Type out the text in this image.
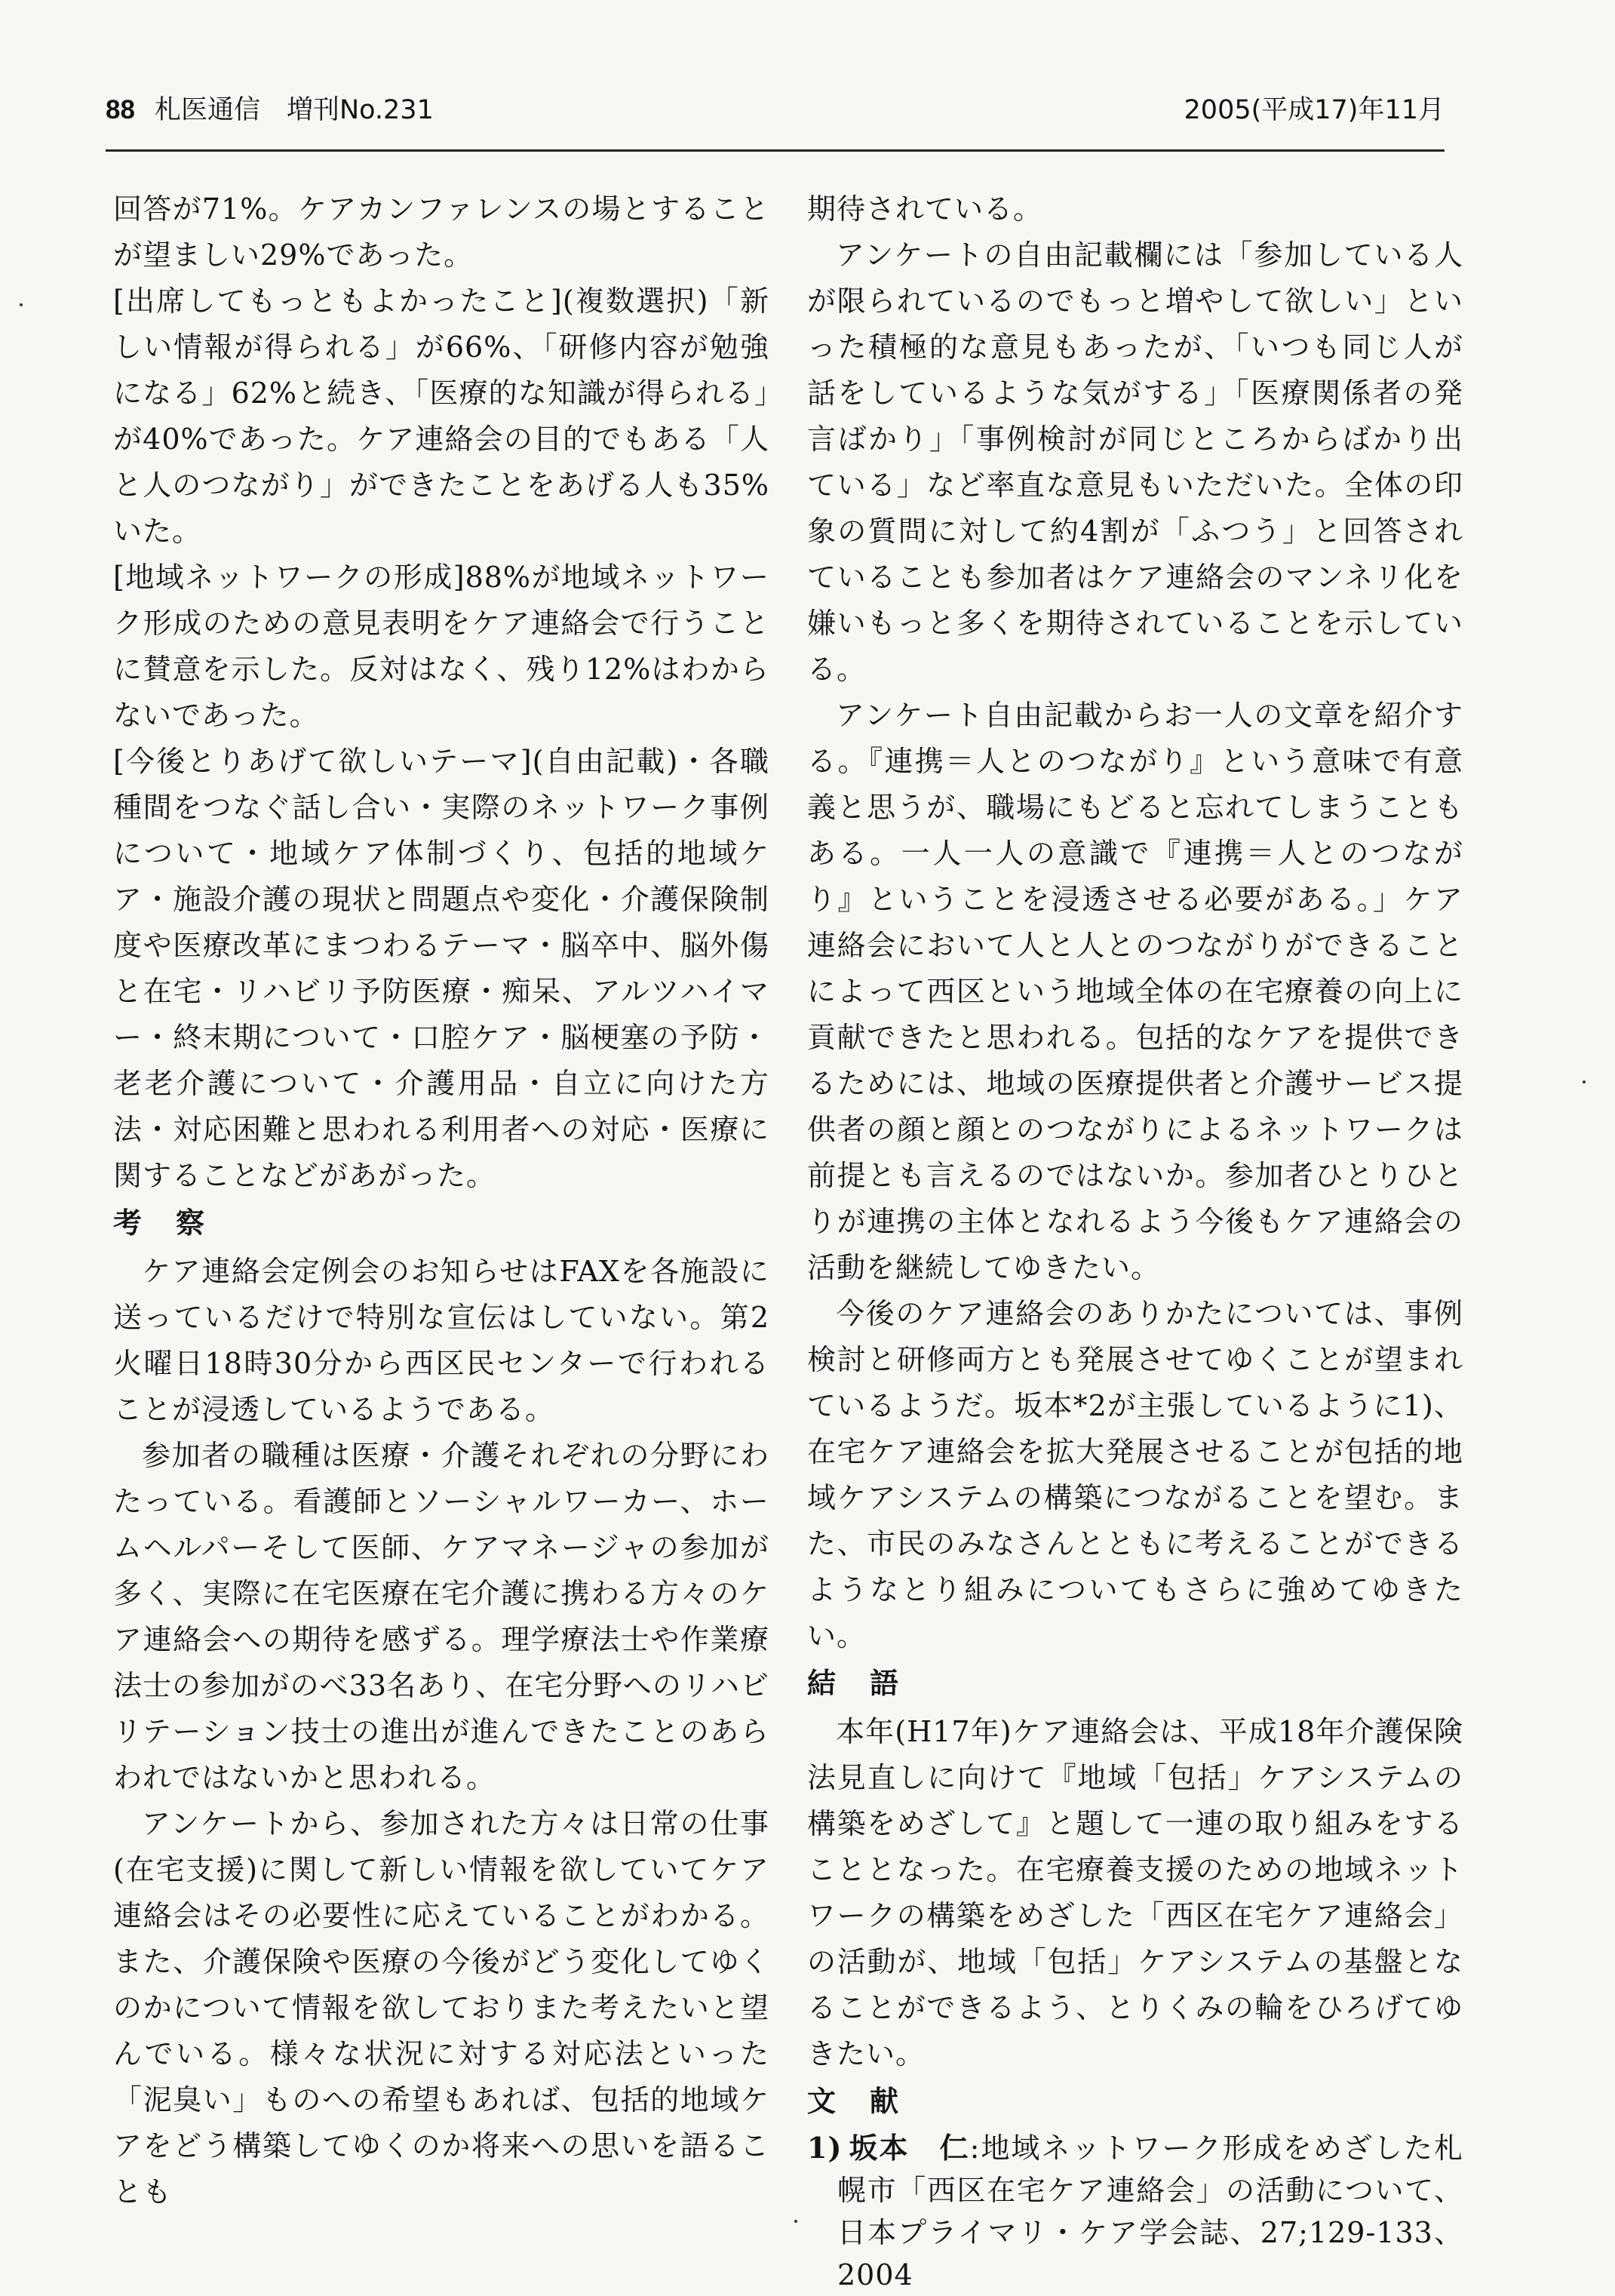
88 札医通信　増刊No.231	2005(平成17)年11月

回答が71%。ケアカンファレンスの場とすることが望ましい29%であった。

[出席してもっともよかったこと](複数選択)「新しい情報が得られる」が66%、「研修内容が勉強になる」62%と続き、「医療的な知識が得られる」が40%であった。ケア連絡会の目的でもある「人と人のつながり」ができたことをあげる人も35%いた。

[地域ネットワークの形成]88%が地域ネットワーク形成のための意見表明をケア連絡会で行うことに賛意を示した。反対はなく、残り12%はわからないであった。

[今後とりあげて欲しいテーマ](自由記載)・各職種間をつなぐ話し合い・実際のネットワーク事例について・地域ケア体制づくり、包括的地域ケア・施設介護の現状と問題点や変化・介護保険制度や医療改革にまつわるテーマ・脳卒中、脳外傷と在宅・リハビリ予防医療・痴呆、アルツハイマー・終末期について・口腔ケア・脳梗塞の予防・老老介護について・介護用品・自立に向けた方法・対応困難と思われる利用者への対応・医療に関することなどがあがった。

考察

ケア連絡会定例会のお知らせはFAXを各施設に送っているだけで特別な宣伝はしていない。第2火曜日18時30分から西区民センターで行われることが浸透しているようである。

参加者の職種は医療・介護それぞれの分野にわたっている。看護師とソーシャルワーカー、ホームヘルパーそして医師、ケアマネージャの参加が多く、実際に在宅医療在宅介護に携わる方々のケア連絡会への期待を感ずる。理学療法士や作業療法士の参加がのべ33名あり、在宅分野へのリハビリテーション技士の進出が進んできたことのあらわれではないかと思われる。

アンケートから、参加された方々は日常の仕事(在宅支援)に関して新しい情報を欲していてケア連絡会はその必要性に応えていることがわかる。また、介護保険や医療の今後がどう変化してゆくのかについて情報を欲しておりまた考えたいと望んでいる。様々な状況に対する対応法といった「泥臭い」ものへの希望もあれば、包括的地域ケアをどう構築してゆくのか将来への思いを語ることも

期待されている。

アンケートの自由記載欄には「参加している人が限られているのでもっと増やして欲しい」といった積極的な意見もあったが、「いつも同じ人が話をしているような気がする」「医療関係者の発言ばかり」「事例検討が同じところからばかり出ている」など率直な意見もいただいた。全体の印象の質問に対して約4割が「ふつう」と回答されていることも参加者はケア連絡会のマンネリ化を嫌いもっと多くを期待されていることを示している。

アンケート自由記載からお一人の文章を紹介する。『連携＝人とのつながり』という意味で有意義と思うが、職場にもどると忘れてしまうこともある。一人一人の意識で『連携＝人とのつながり』ということを浸透させる必要がある。」ケア連絡会において人と人とのつながりができることによって西区という地域全体の在宅療養の向上に貢献できたと思われる。包括的なケアを提供できるためには、地域の医療提供者と介護サービス提供者の顔と顔とのつながりによるネットワークは前提とも言えるのではないか。参加者ひとりひとりが連携の主体となれるよう今後もケア連絡会の活動を継続してゆきたい。

今後のケア連絡会のありかたについては、事例検討と研修両方とも発展させてゆくことが望まれているようだ。坂本*2が主張しているように1)、在宅ケア連絡会を拡大発展させることが包括的地域ケアシステムの構築につながることを望む。また、市民のみなさんとともに考えることができるようなとり組みについてもさらに強めてゆきたい。

結語

本年(H17年)ケア連絡会は、平成18年介護保険法見直しに向けて『地域「包括」ケアシステムの構築をめざして』と題して一連の取り組みをすることとなった。在宅療養支援のための地域ネットワークの構築をめざした「西区在宅ケア連絡会」の活動が、地域「包括」ケアシステムの基盤となることができるよう、とりくみの輪をひろげてゆきたい。

文献

1) 坂本　仁:地域ネットワーク形成をめざした札幌市「西区在宅ケア連絡会」の活動について、日本プライマリ・ケア学会誌、27;129-133、2004
